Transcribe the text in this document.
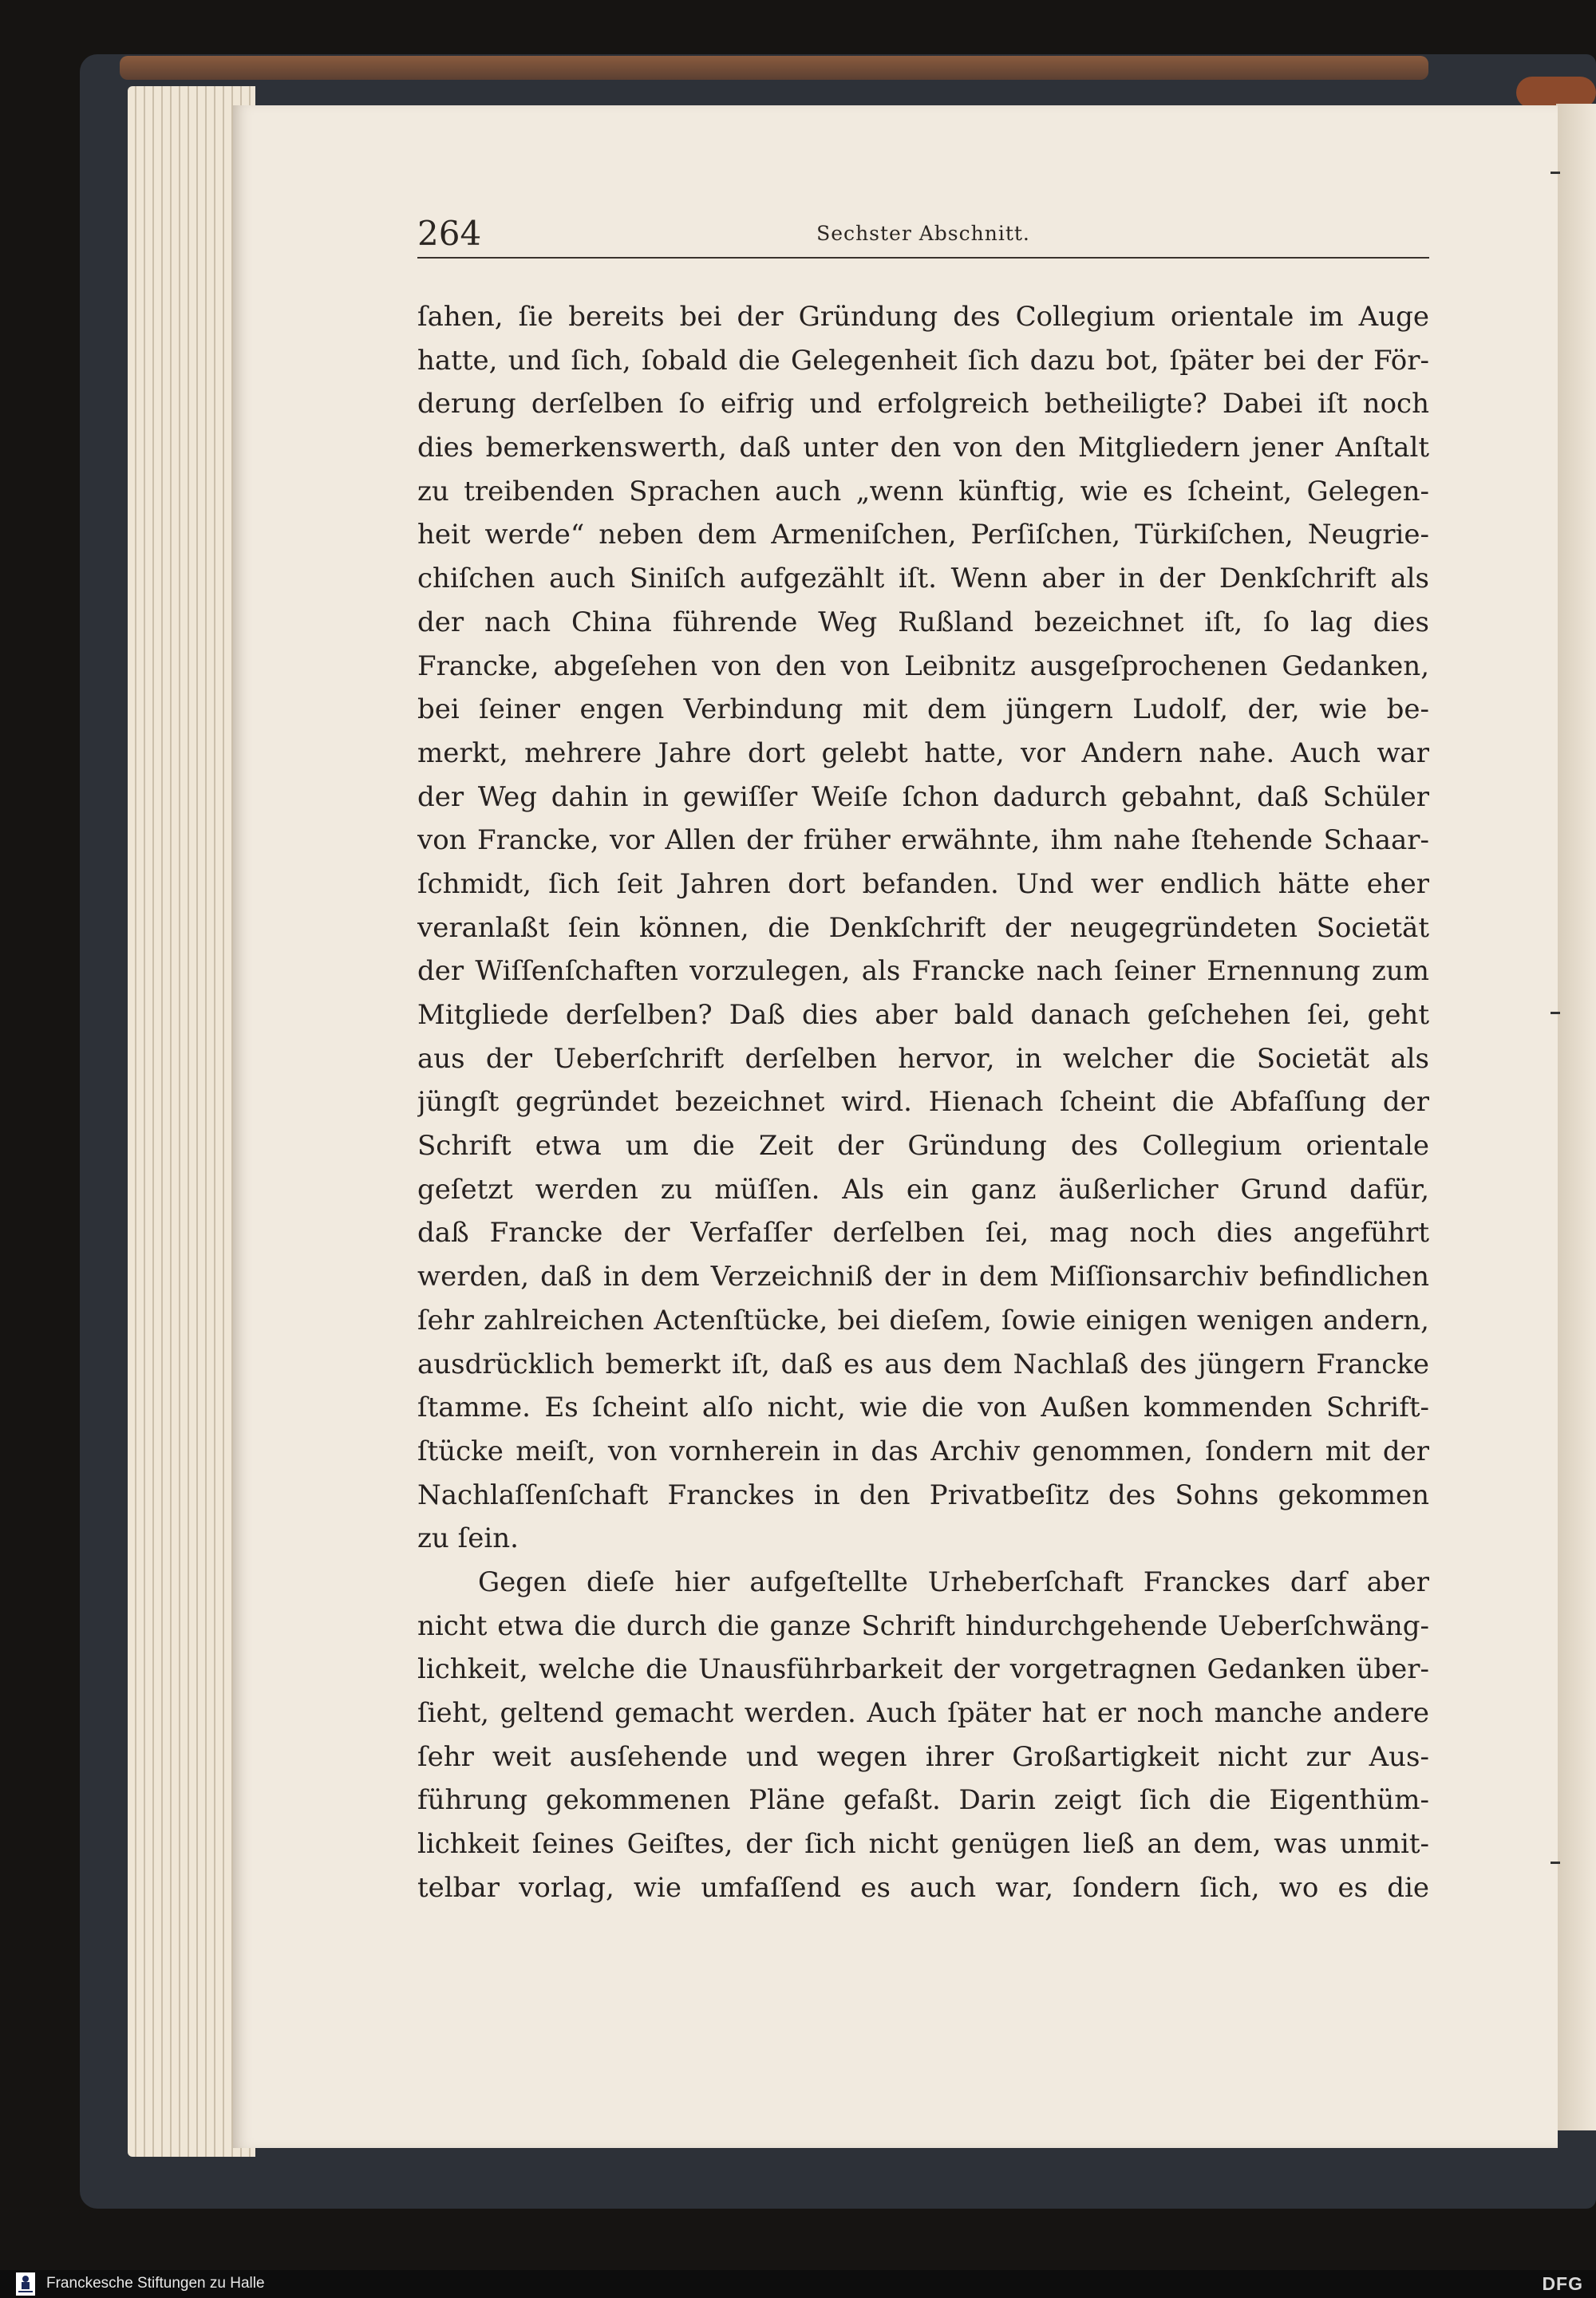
264	Sechster Abschnitt.
ſahen, ſie bereits bei der Gründung des Collegium orientale im Auge
hatte, und ſich, ſobald die Gelegenheit ſich dazu bot, ſpäter bei der För-
derung derſelben ſo eifrig und erfolgreich betheiligte? Dabei iſt noch
dies bemerkenswerth, daß unter den von den Mitgliedern jener Anſtalt
zu treibenden Sprachen auch „wenn künftig, wie es ſcheint, Gelegen-
heit werde“ neben dem Armeniſchen, Perſiſchen, Türkiſchen, Neugrie-
chiſchen auch Siniſch aufgezählt iſt. Wenn aber in der Denkſchrift als
der nach China führende Weg Rußland bezeichnet iſt, ſo lag dies
Francke, abgeſehen von den von Leibnitz ausgeſprochenen Gedanken,
bei ſeiner engen Verbindung mit dem jüngern Ludolf, der, wie be-
merkt, mehrere Jahre dort gelebt hatte, vor Andern nahe. Auch war
der Weg dahin in gewiſſer Weiſe ſchon dadurch gebahnt, daß Schüler
von Francke, vor Allen der früher erwähnte, ihm nahe ſtehende Schaar-
ſchmidt, ſich ſeit Jahren dort befanden. Und wer endlich hätte eher
veranlaßt ſein können, die Denkſchrift der neugegründeten Societät
der Wiſſenſchaften vorzulegen, als Francke nach ſeiner Ernennung zum
Mitgliede derſelben? Daß dies aber bald danach geſchehen ſei, geht
aus der Ueberſchrift derſelben hervor, in welcher die Societät als
jüngſt gegründet bezeichnet wird. Hienach ſcheint die Abfaſſung der
Schrift etwa um die Zeit der Gründung des Collegium orientale
geſetzt werden zu müſſen. Als ein ganz äußerlicher Grund dafür,
daß Francke der Verfaſſer derſelben ſei, mag noch dies angeführt
werden, daß in dem Verzeichniß der in dem Miſſionsarchiv befindlichen
ſehr zahlreichen Actenſtücke, bei dieſem, ſowie einigen wenigen andern,
ausdrücklich bemerkt iſt, daß es aus dem Nachlaß des jüngern Francke
ſtamme. Es ſcheint alſo nicht, wie die von Außen kommenden Schrift-
ſtücke meiſt, von vornherein in das Archiv genommen, ſondern mit der
Nachlaſſenſchaft Franckes in den Privatbeſitz des Sohns gekommen
zu ſein.
Gegen dieſe hier aufgeſtellte Urheberſchaft Franckes darf aber
nicht etwa die durch die ganze Schrift hindurchgehende Ueberſchwäng-
lichkeit, welche die Unausführbarkeit der vorgetragnen Gedanken über-
ſieht, geltend gemacht werden. Auch ſpäter hat er noch manche andere
ſehr weit ausſehende und wegen ihrer Großartigkeit nicht zur Aus-
führung gekommenen Pläne gefaßt. Darin zeigt ſich die Eigenthüm-
lichkeit ſeines Geiſtes, der ſich nicht genügen ließ an dem, was unmit-
telbar vorlag, wie umfaſſend es auch war, ſondern ſich, wo es die
Franckesche Stiftungen zu Halle	DFG
